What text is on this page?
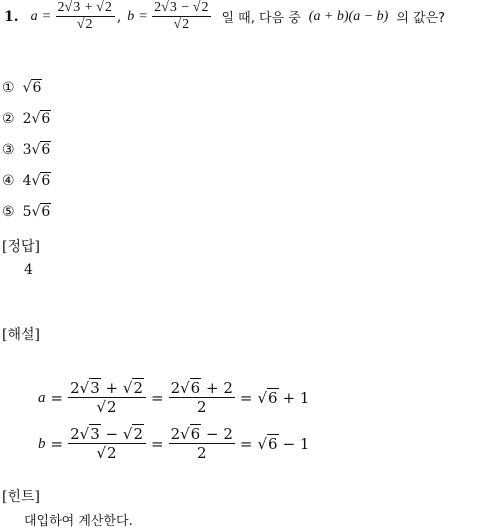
1. $a = \frac{2√3 + √2}{√2}$ , $b = \frac{2√3 - √2}{√2}$ 일 때, 다음 중 (a + b)(a − b) 의 값은?
① √6
② 2 √6
③ 3 √6
④ 4 √6
⑤ 5 √6
[정답]
4
[해설]
$a = \frac{2√3 + √2}{√2} = \frac{2√6 + 2}{2} = √6 + 1$
$b = \frac{2√3 - √2}{√2} = \frac{2√6 - 2}{2} = √6 - 1$
[힌트]
대입하여 계산한다.
